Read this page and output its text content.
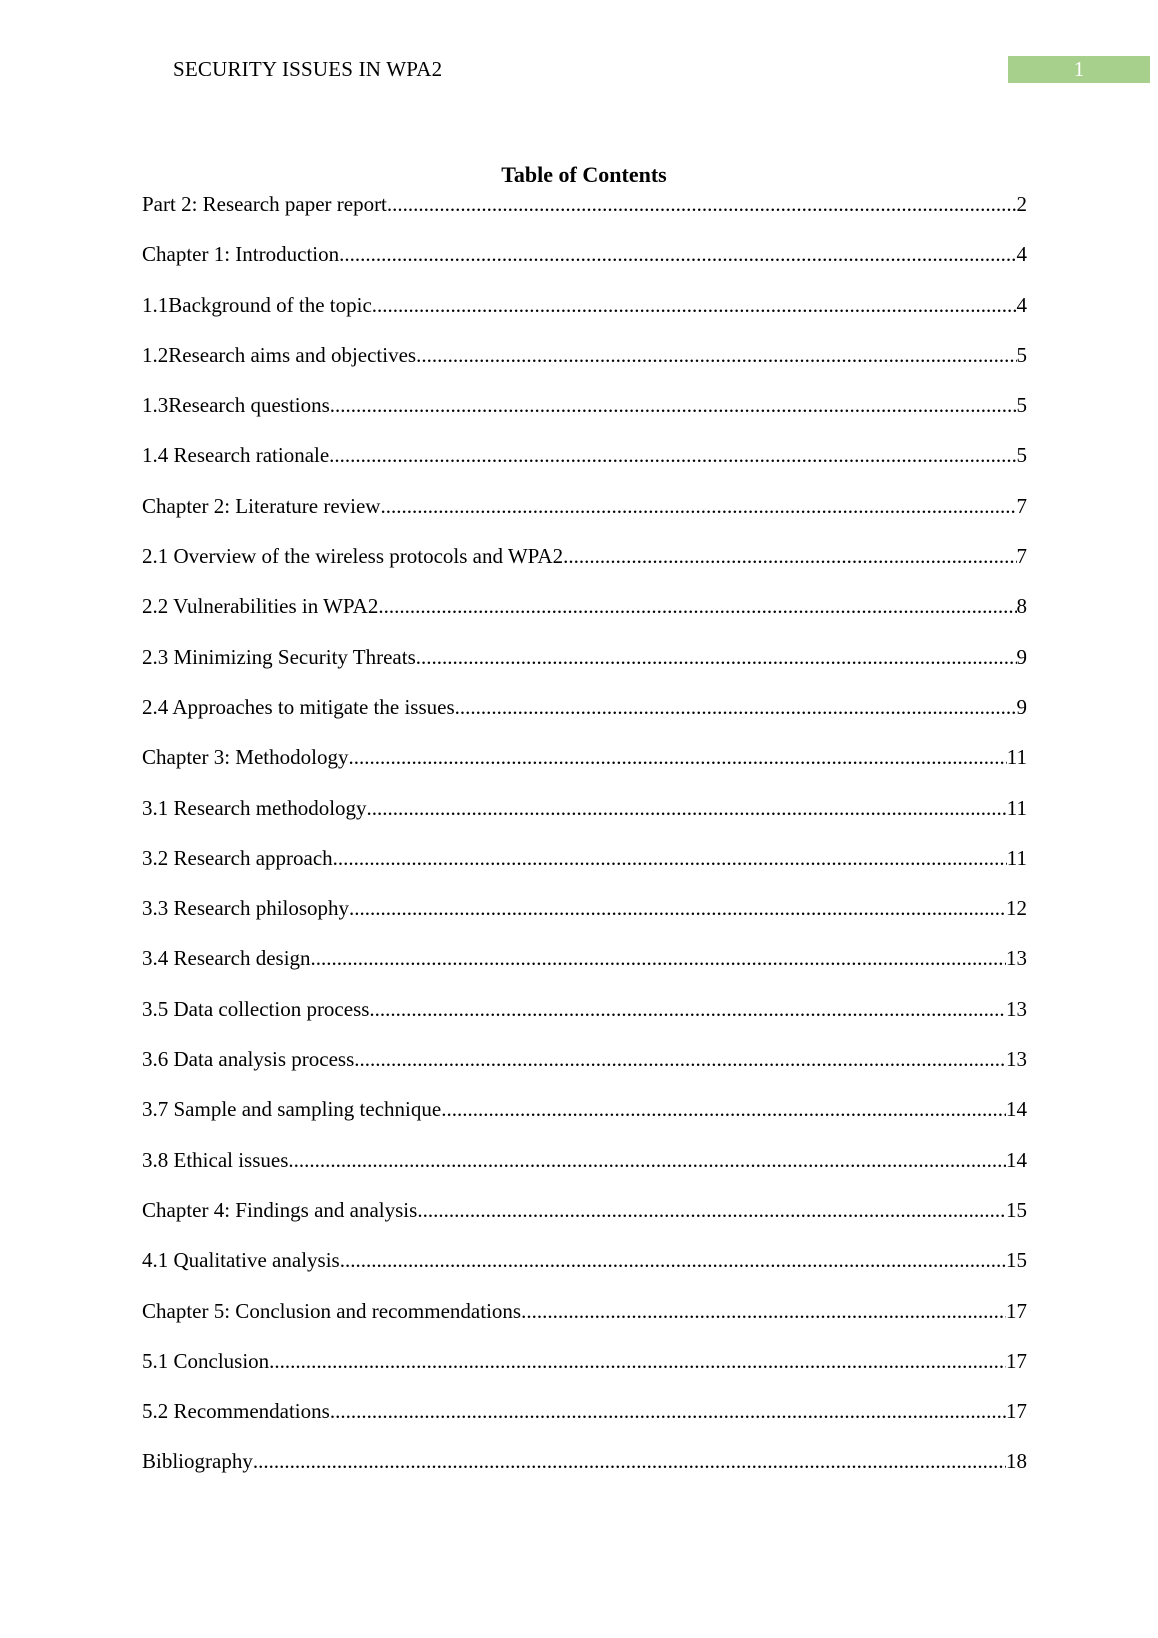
SECURITY ISSUES IN WPA2	1
Table of Contents
Part 2: Research paper report .....	2
Chapter 1: Introduction .....	4
1.1Background of the topic .....	4
1.2Research aims and objectives .....	5
1.3Research questions .....	5
1.4 Research rationale .....	5
Chapter 2: Literature review .....	7
2.1 Overview of the wireless protocols and WPA2 .....	7
2.2 Vulnerabilities in WPA2 .....	8
2.3 Minimizing Security Threats .....	9
2.4 Approaches to mitigate the issues .....	9
Chapter 3: Methodology .....	11
3.1 Research methodology .....	11
3.2 Research approach .....	11
3.3 Research philosophy .....	12
3.4 Research design .....	13
3.5 Data collection process .....	13
3.6 Data analysis process .....	13
3.7 Sample and sampling technique .....	14
3.8 Ethical issues .....	14
Chapter 4: Findings and analysis .....	15
4.1 Qualitative analysis .....	15
Chapter 5: Conclusion and recommendations .....	17
5.1 Conclusion .....	17
5.2 Recommendations .....	17
Bibliography .....	18
